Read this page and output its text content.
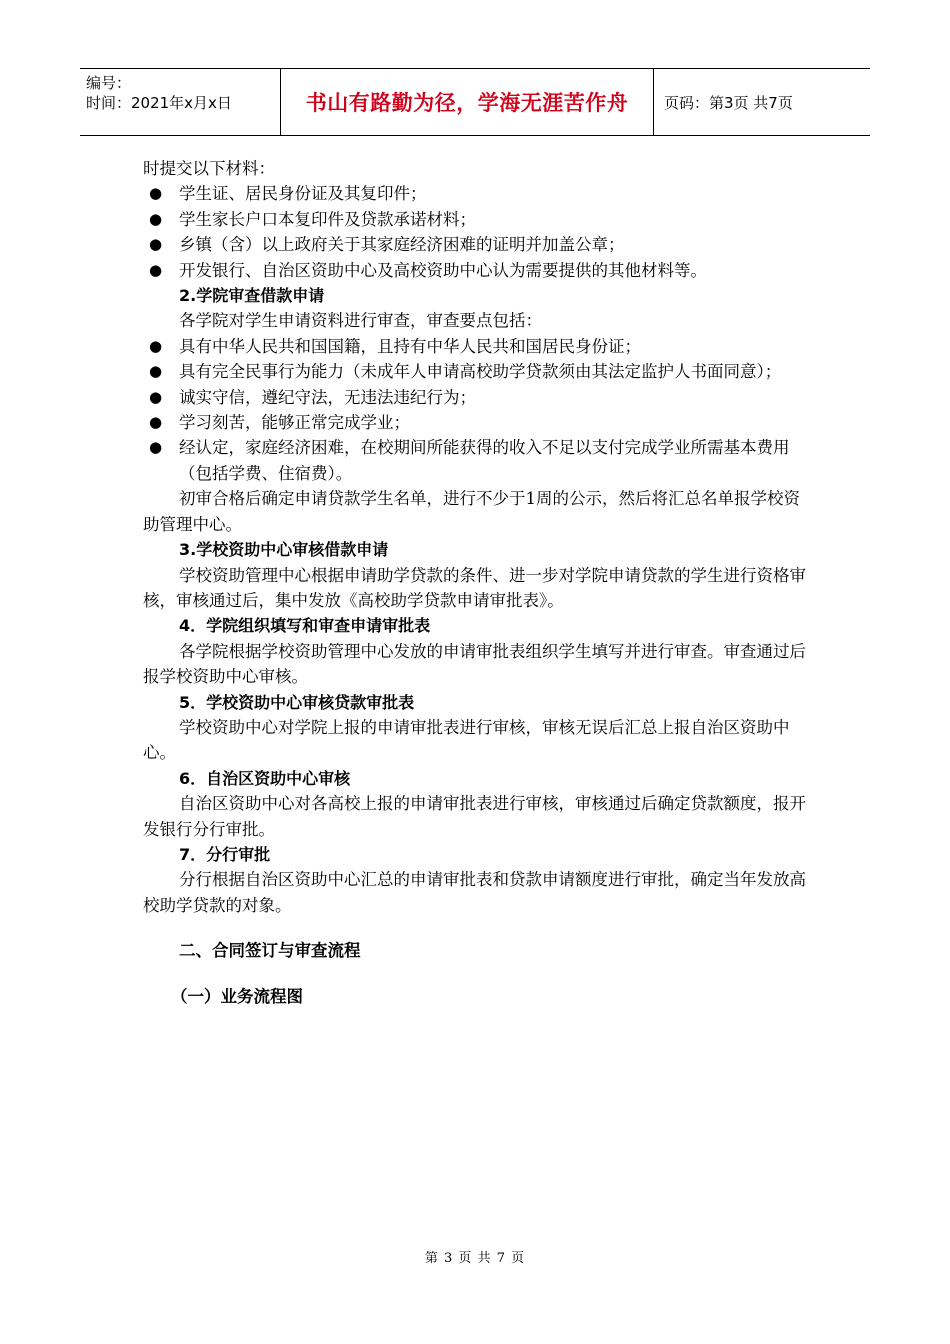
编号：
时间：2021年x月x日	书山有路勤为径，学海无涯苦作舟	页码：第3页 共7页

时提交以下材料：

●	学生证、居民身份证及其复印件；
●	学生家长户口本复印件及贷款承诺材料；
●	乡镇（含）以上政府关于其家庭经济困难的证明并加盖公章；
●	开发银行、自治区资助中心及高校资助中心认为需要提供的其他材料等。
2.学院审查借款申请

各学院对学生申请资料进行审查，审查要点包括：

●	具有中华人民共和国国籍，且持有中华人民共和国居民身份证；
●	具有完全民事行为能力（未成年人申请高校助学贷款须由其法定监护人书面同意）；
●	诚实守信，遵纪守法，无违法违纪行为；
●	学习刻苦，能够正常完成学业；
●	经认定，家庭经济困难，在校期间所能获得的收入不足以支付完成学业所需基本费用（包括学费、住宿费）。

初审合格后确定申请贷款学生名单，进行不少于1周的公示，然后将汇总名单报学校资助管理中心。

3.学校资助中心审核借款申请

学校资助管理中心根据申请助学贷款的条件、进一步对学院申请贷款的学生进行资格审核，审核通过后，集中发放《高校助学贷款申请审批表》。

4．学院组织填写和审查申请审批表

各学院根据学校资助管理中心发放的申请审批表组织学生填写并进行审查。审查通过后报学校资助中心审核。

5．学校资助中心审核贷款审批表

学校资助中心对学院上报的申请审批表进行审核，审核无误后汇总上报自治区资助中心。

6．自治区资助中心审核

自治区资助中心对各高校上报的申请审批表进行审核，审核通过后确定贷款额度，报开发银行分行审批。

7．分行审批

分行根据自治区资助中心汇总的申请审批表和贷款申请额度进行审批，确定当年发放高校助学贷款的对象。

二、合同签订与审查流程
（一）业务流程图
第 3 页 共 7 页
